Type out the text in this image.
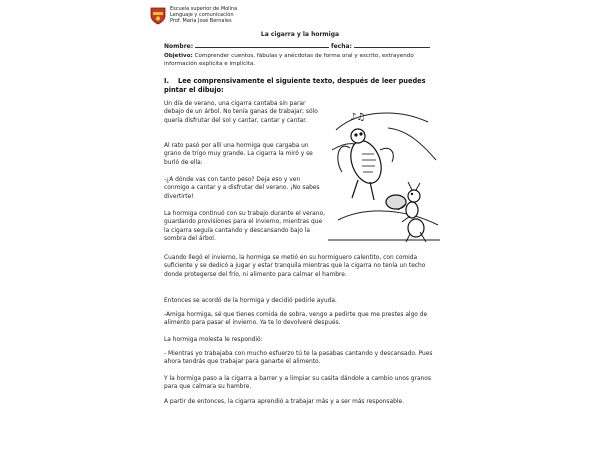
Escuela superior de Molina
Lenguaje y comunicación
Prof. María José Bernales
La cigarra y la hormiga
Nombre:	fecha:
Objetivo: Comprender cuentos, fábulas y anécdotas de forma oral y escrito, extrayendo información explícita e implícita.
I. Lee comprensivamente el siguiente texto, después de leer puedes pintar el dibujo:
Un día de verano, una cigarra cantaba sin parar debajo de un árbol. No tenía ganas de trabajar; sólo quería disfrutar del sol y cantar, cantar y cantar.
Al rato pasó por allí una hormiga que cargaba un grano de trigo muy grande. La cigarra la miró y se burló de ella:
-¿A dónde vas con tanto peso? Deja eso y ven conmigo a cantar y a disfrutar del verano. ¡No sabes divertirte!
La hormiga continuó con su trabajo durante el verano, guardando provisiones para el invierno, mientras que la cigarra seguía cantando y descansando bajo la sombra del árbol.
♪♫
Cuando llegó el invierno, la hormiga se metió en su hormiguero calentito, con comida suficiente y se dedicó a jugar y estar tranquila mientras que la cigarra no tenía un techo donde protegerse del frío, ni alimento para calmar el hambre.
Entonces se acordó de la hormiga y decidió pedirle ayuda.
-Amiga hormiga, sé que tienes comida de sobra, vengo a pedirte que me prestes algo de alimento para pasar el invierno. Ya te lo devolveré después.
La hormiga molesta le respondió:
- Mientras yo trabajaba con mucho esfuerzo tú te la pasabas cantando y descansado. Pues ahora tendrás que trabajar para ganarte el alimento.
Y la hormiga paso a la cigarra a barrer y a limpiar su casita dándole a cambio unos granos para que calmara su hambre.
A partir de entonces, la cigarra aprendió a trabajar más y a ser más responsable.
